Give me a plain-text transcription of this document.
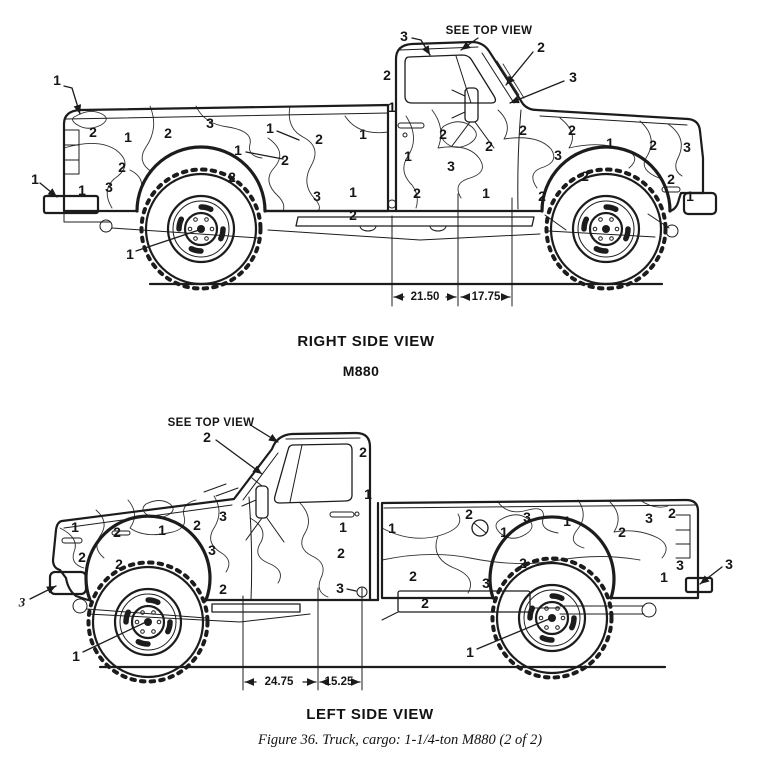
1
1
1
3	SEE TOP VIEW
2
3
2 1 2
3	1
1
2
2
1 3
2
1
2	1
2
3 1
2
2
1
3
2
2
2	1
2
3
1	2 3
2
2
2
1
21.50	17.75
RIGHT SIDE VIEW
M880
SEE TOP VIEW
2
3
1	1
3
1 2	1 2
3
2	3
2
2
2
1
1	1
2
1
3
2
2	3
2
3
2
1
2
3 2
3
1
24.75	15.25
LEFT SIDE VIEW
Figure 36. Truck, cargo: 1-1/4-ton M880 (2 of 2)
